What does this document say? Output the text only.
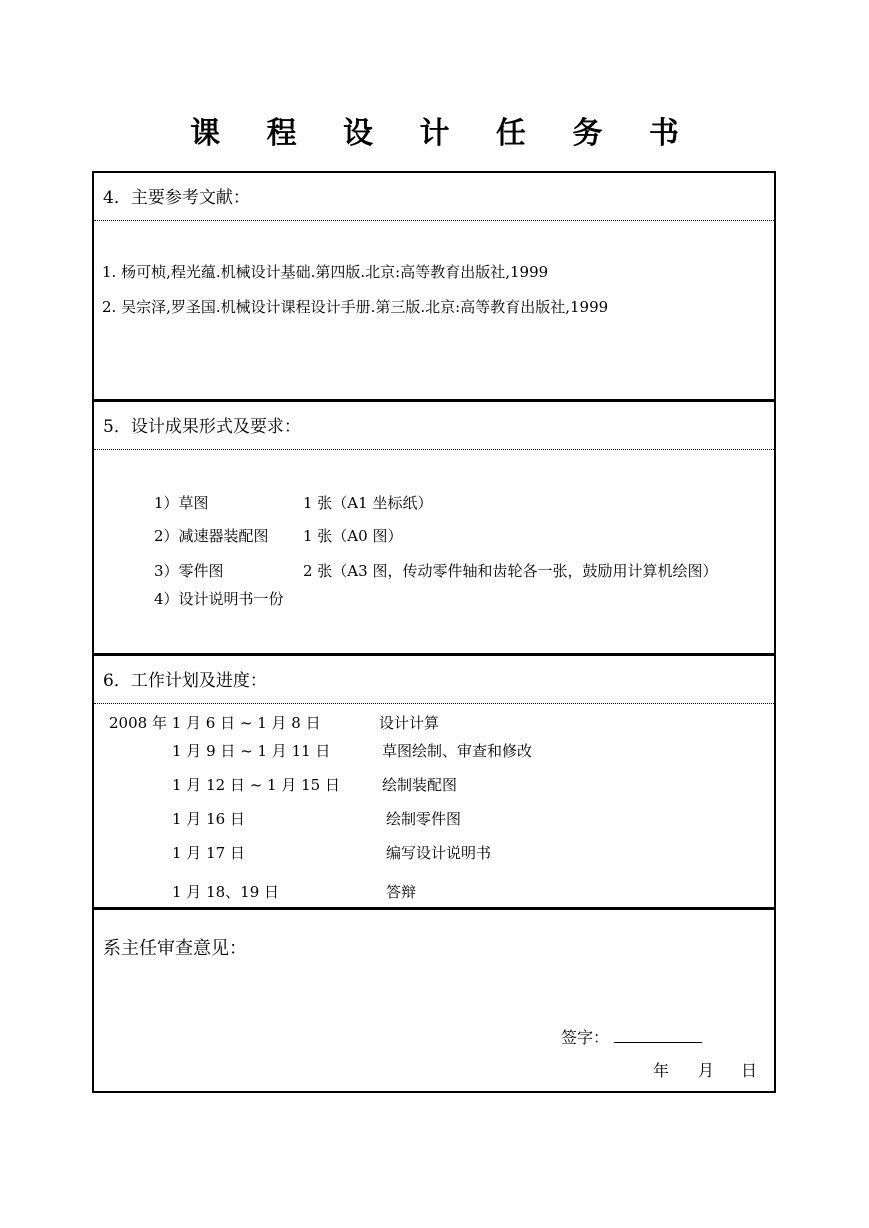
课 程 设 计 任 务 书
4．主要参考文献：
1. 杨可桢,程光蕴.机械设计基础.第四版.北京:高等教育出版社,1999
2. 吴宗泽,罗圣国.机械设计课程设计手册.第三版.北京:高等教育出版社,1999
5．设计成果形式及要求：
1）草图	1 张（A1 坐标纸）
2）减速器装配图 1 张（A0 图）
3）零件图	2 张（A3 图，传动零件轴和齿轮各一张，鼓励用计算机绘图）
4）设计说明书一份
6．工作计划及进度：
2008 年 1 月 6 日 ~ 1 月 8 日	设计计算
1 月 9 日 ~ 1 月 11 日	草图绘制、审查和修改
1 月 12 日 ~ 1 月 15 日	绘制装配图
1 月 16 日	绘制零件图
1 月 17 日	编写设计说明书
1 月 18、19 日	答辩
系主任审查意见：
签字：
年 月 日
